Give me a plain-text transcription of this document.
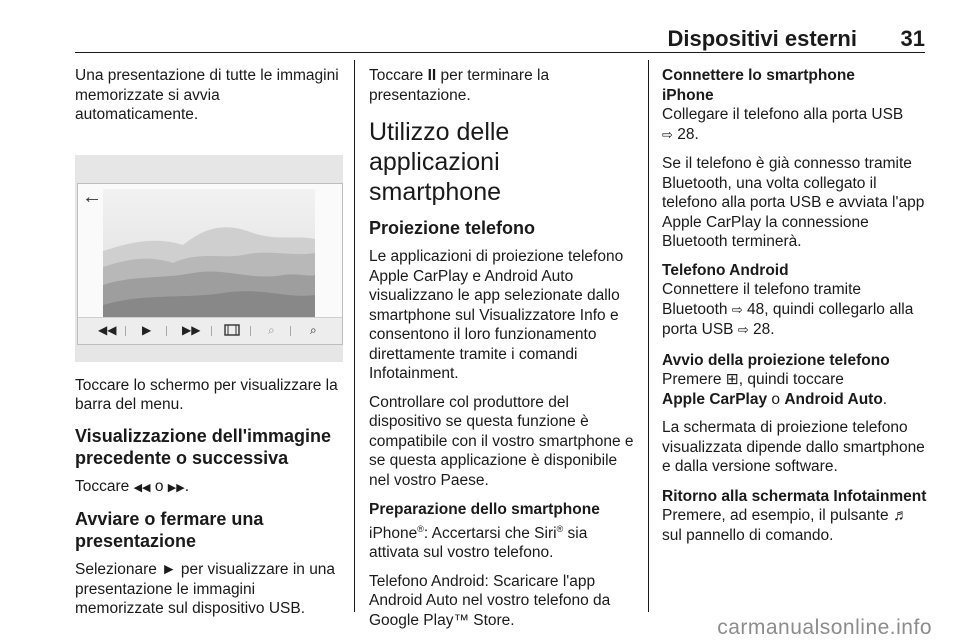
Dispositivi esterni 31

Una presentazione di tutte le immagini memorizzate si avvia automaticamente.

←
◀◀ ▶	▶▶	⌕	⌕

Toccare lo schermo per visualizzare la barra del menu.

Visualizzazione dell'immagine precedente o successiva

Toccare ◀◀ o ▶▶.

Avviare o fermare una presentazione

Selezionare ► per visualizzare in una presentazione le immagini memorizzate sul dispositivo USB.

Toccare II per terminare la presentazione.

Utilizzo delle applicazioni smartphone
Proiezione telefono

Le applicazioni di proiezione telefono Apple CarPlay e Android Auto visualizzano le app selezionate dallo smartphone sul Visualizzatore Info e consentono il loro funzionamento direttamente tramite i comandi Infotainment.

Controllare col produttore del dispositivo se questa funzione è compatibile con il vostro smartphone e se questa applicazione è disponibile nel vostro Paese.

Preparazione dello smartphone

iPhone®: Accertarsi che Siri® sia attivata sul vostro telefono.

Telefono Android: Scaricare l'app Android Auto nel vostro telefono da Google Play™ Store.

Connettere lo smartphone
iPhone

Collegare il telefono alla porta USB
⇨ 28.

Se il telefono è già connesso tramite Bluetooth, una volta collegato il telefono alla porta USB e avviata l'app Apple CarPlay la connessione Bluetooth terminerà.

Telefono Android

Connettere il telefono tramite Bluetooth ⇨ 48, quindi collegarlo alla porta USB ⇨ 28.

Avvio della proiezione telefono

Premere ⊞, quindi toccare
Apple CarPlay o Android Auto.

La schermata di proiezione telefono visualizzata dipende dallo smartphone e dalla versione software.

Ritorno alla schermata Infotainment

Premere, ad esempio, il pulsante ♬
sul pannello di comando.

carmanualsonline.info
